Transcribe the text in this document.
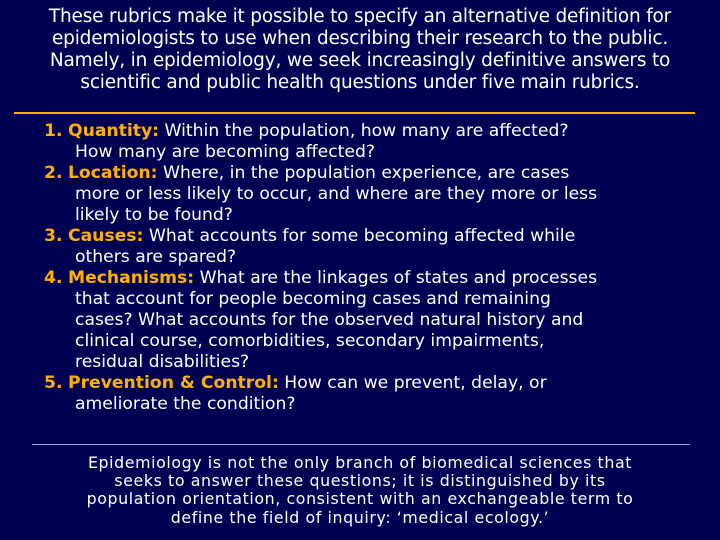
These rubrics make it possible to specify an alternative definition for
epidemiologists to use when describing their research to the public.
Namely, in epidemiology, we seek increasingly definitive answers to
scientific and public health questions under five main rubrics.
1. Quantity: Within the population, how many are affected?
How many are becoming affected?
2. Location: Where, in the population experience, are cases
more or less likely to occur, and where are they more or less
likely to be found?
3. Causes: What accounts for some becoming affected while
others are spared?
4. Mechanisms: What are the linkages of states and processes
that account for people becoming cases and remaining
cases? What accounts for the observed natural history and
clinical course, comorbidities, secondary impairments,
residual disabilities?
5. Prevention & Control: How can we prevent, delay, or
ameliorate the condition?
Epidemiology is not the only branch of biomedical sciences that
seeks to answer these questions; it is distinguished by its
population orientation, consistent with an exchangeable term to
define the field of inquiry: ‘medical ecology.’
